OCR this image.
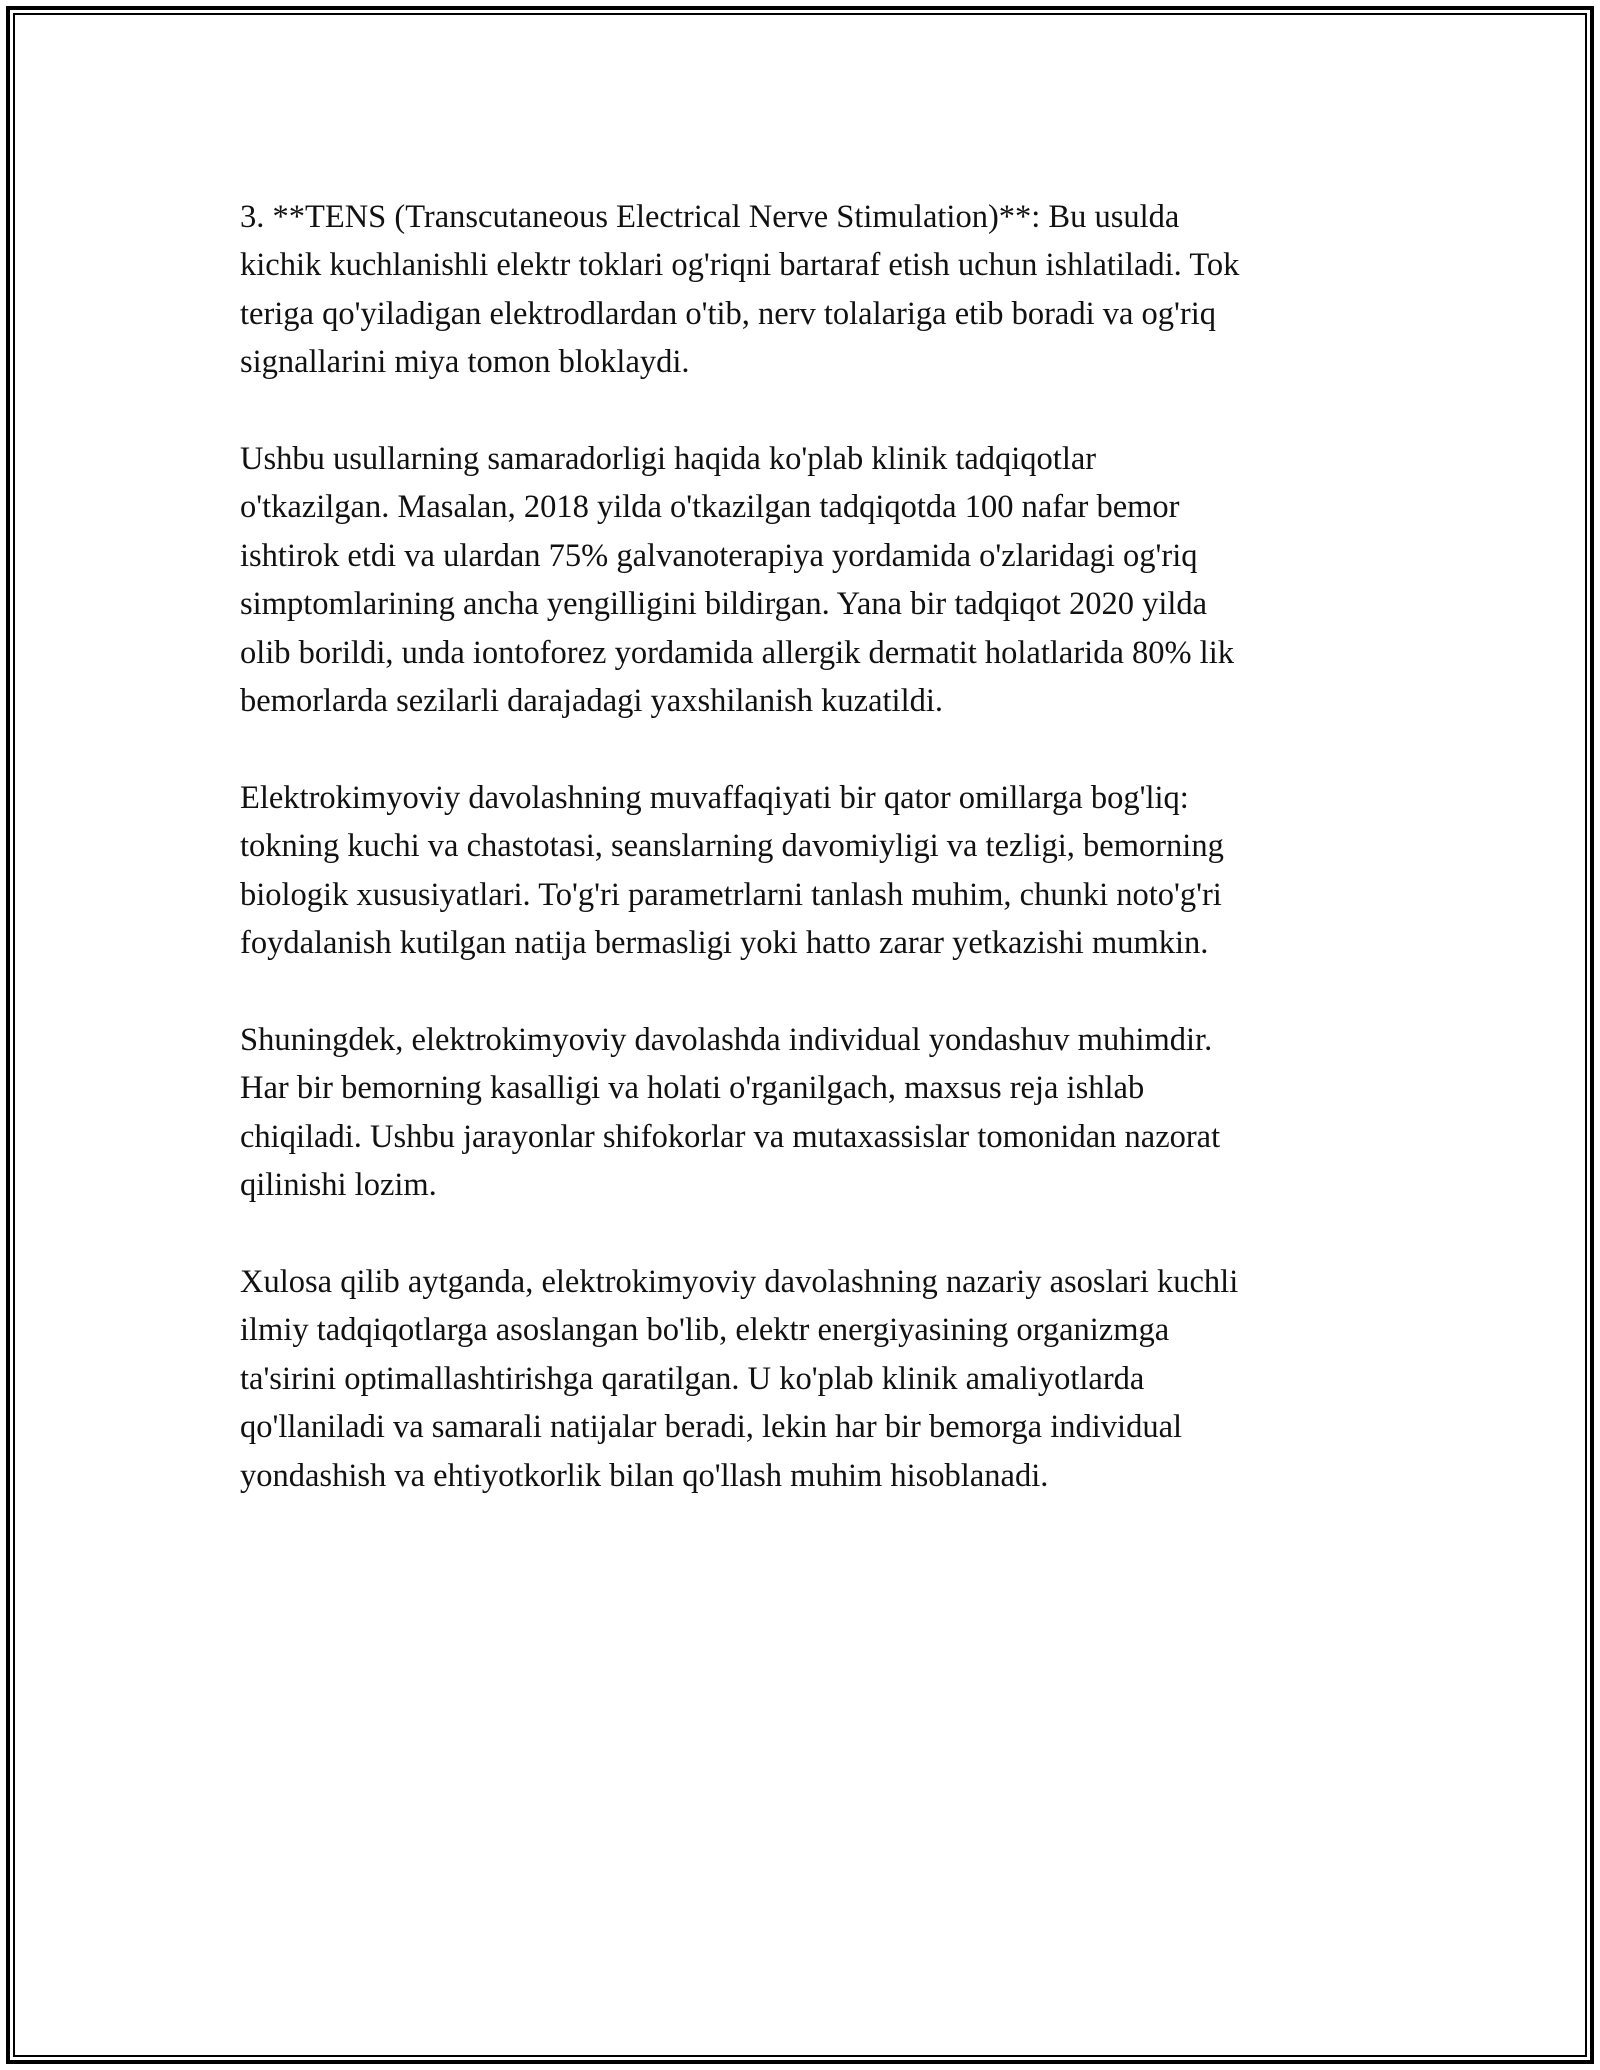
3. **TENS (Transcutaneous Electrical Nerve Stimulation)**: Bu usulda
kichik kuchlanishli elektr toklari og'riqni bartaraf etish uchun ishlatiladi. Tok
teriga qo'yiladigan elektrodlardan o'tib, nerv tolalariga etib boradi va og'riq
signallarini miya tomon bloklaydi.

Ushbu usullarning samaradorligi haqida ko'plab klinik tadqiqotlar
o'tkazilgan. Masalan, 2018 yilda o'tkazilgan tadqiqotda 100 nafar bemor
ishtirok etdi va ulardan 75% galvanoterapiya yordamida o'zlaridagi og'riq
simptomlarining ancha yengilligini bildirgan. Yana bir tadqiqot 2020 yilda
olib borildi, unda iontoforez yordamida allergik dermatit holatlarida 80% lik
bemorlarda sezilarli darajadagi yaxshilanish kuzatildi.

Elektrokimyoviy davolashning muvaffaqiyati bir qator omillarga bog'liq:
tokning kuchi va chastotasi, seanslarning davomiyligi va tezligi, bemorning
biologik xususiyatlari. To'g'ri parametrlarni tanlash muhim, chunki noto'g'ri
foydalanish kutilgan natija bermasligi yoki hatto zarar yetkazishi mumkin.

Shuningdek, elektrokimyoviy davolashda individual yondashuv muhimdir.
Har bir bemorning kasalligi va holati o'rganilgach, maxsus reja ishlab
chiqiladi. Ushbu jarayonlar shifokorlar va mutaxassislar tomonidan nazorat
qilinishi lozim.

Xulosa qilib aytganda, elektrokimyoviy davolashning nazariy asoslari kuchli
ilmiy tadqiqotlarga asoslangan bo'lib, elektr energiyasining organizmga
ta'sirini optimallashtirishga qaratilgan. U ko'plab klinik amaliyotlarda
qo'llaniladi va samarali natijalar beradi, lekin har bir bemorga individual
yondashish va ehtiyotkorlik bilan qo'llash muhim hisoblanadi.
